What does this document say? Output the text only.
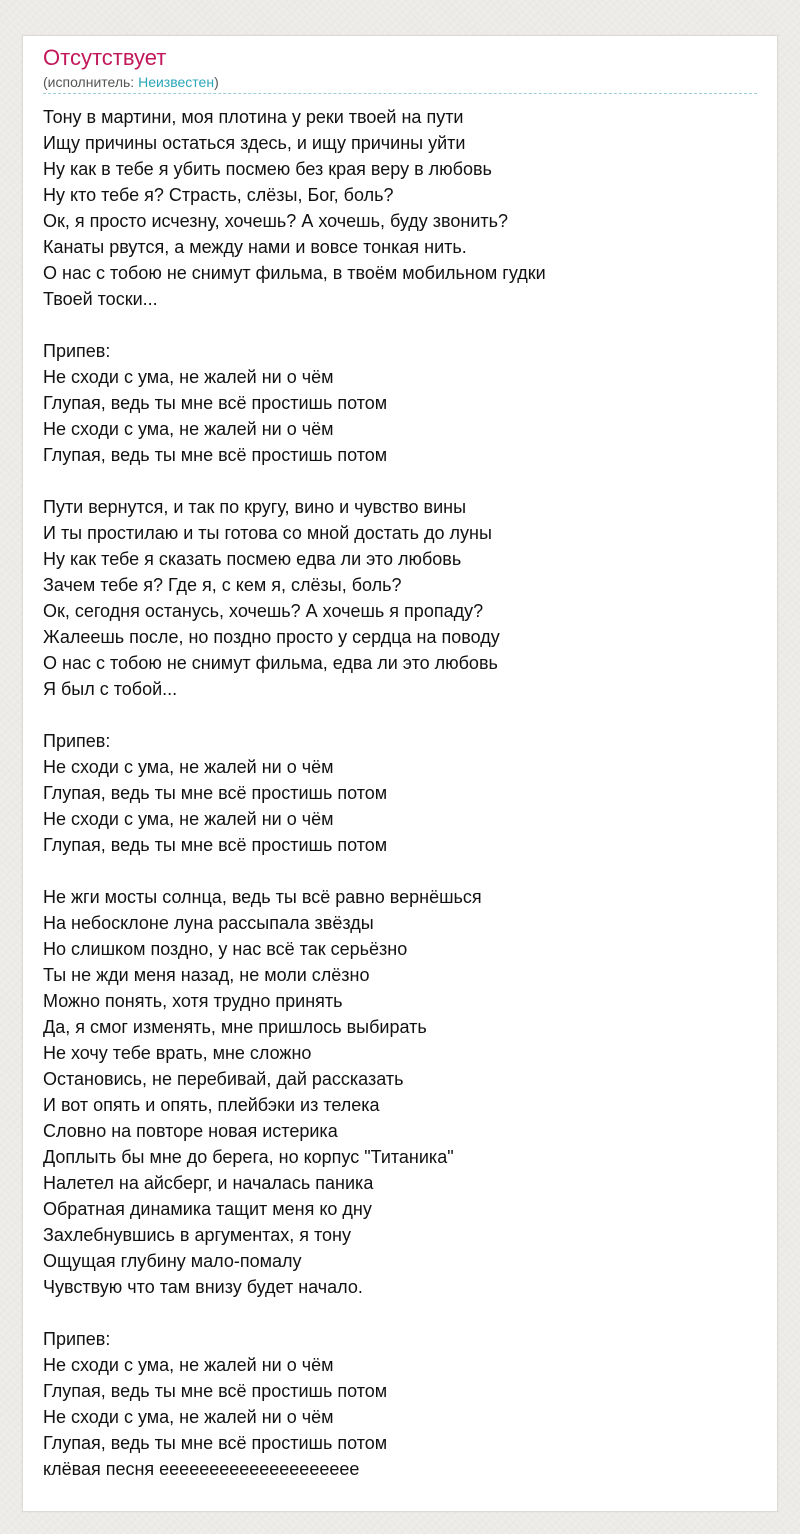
Отсутствует
(исполнитель: Неизвестен)
Тону в мартини, моя плотина у реки твоей на пути
Ищу причины остаться здесь, и ищу причины уйти
Ну как в тебе я убить посмею без края веру в любовь
Ну кто тебе я? Страсть, слёзы, Бог, боль?
Ок, я просто исчезну, хочешь? А хочешь, буду звонить?
Канаты рвутся, а между нами и вовсе тонкая нить.
О нас с тобою не снимут фильма, в твоём мобильном гудки
Твоей тоски...
Припев:
Не сходи с ума, не жалей ни о чём
Глупая, ведь ты мне всё простишь потом
Не сходи с ума, не жалей ни о чём
Глупая, ведь ты мне всё простишь потом
Пути вернутся, и так по кругу, вино и чувство вины
И ты простилаю и ты готова со мной достать до луны
Ну как тебе я сказать посмею едва ли это любовь
Зачем тебе я? Где я, с кем я, слёзы, боль?
Ок, сегодня останусь, хочешь? А хочешь я пропаду?
Жалеешь после, но поздно просто у сердца на поводу
О нас с тобою не снимут фильма, едва ли это любовь
Я был с тобой...
Припев:
Не сходи с ума, не жалей ни о чём
Глупая, ведь ты мне всё простишь потом
Не сходи с ума, не жалей ни о чём
Глупая, ведь ты мне всё простишь потом
Не жги мосты солнца, ведь ты всё равно вернёшься
На небосклоне луна рассыпала звёзды
Но слишком поздно, у нас всё так серьёзно
Ты не жди меня назад, не моли слёзно
Можно понять, хотя трудно принять
Да, я смог изменять, мне пришлось выбирать
Не хочу тебе врать, мне сложно
Остановись, не перебивай, дай рассказать
И вот опять и опять, плейбэки из телека
Словно на повторе новая истерика
Доплыть бы мне до берега, но корпус "Титаника"
Налетел на айсберг, и началась паника
Обратная динамика тащит меня ко дну
Захлебнувшись в аргументах, я тону
Ощущая глубину мало-помалу
Чувствую что там внизу будет начало.
Припев:
Не сходи с ума, не жалей ни о чём
Глупая, ведь ты мне всё простишь потом
Не сходи с ума, не жалей ни о чём
Глупая, ведь ты мне всё простишь потом
клёвая песня ееееееееееееееееееее
